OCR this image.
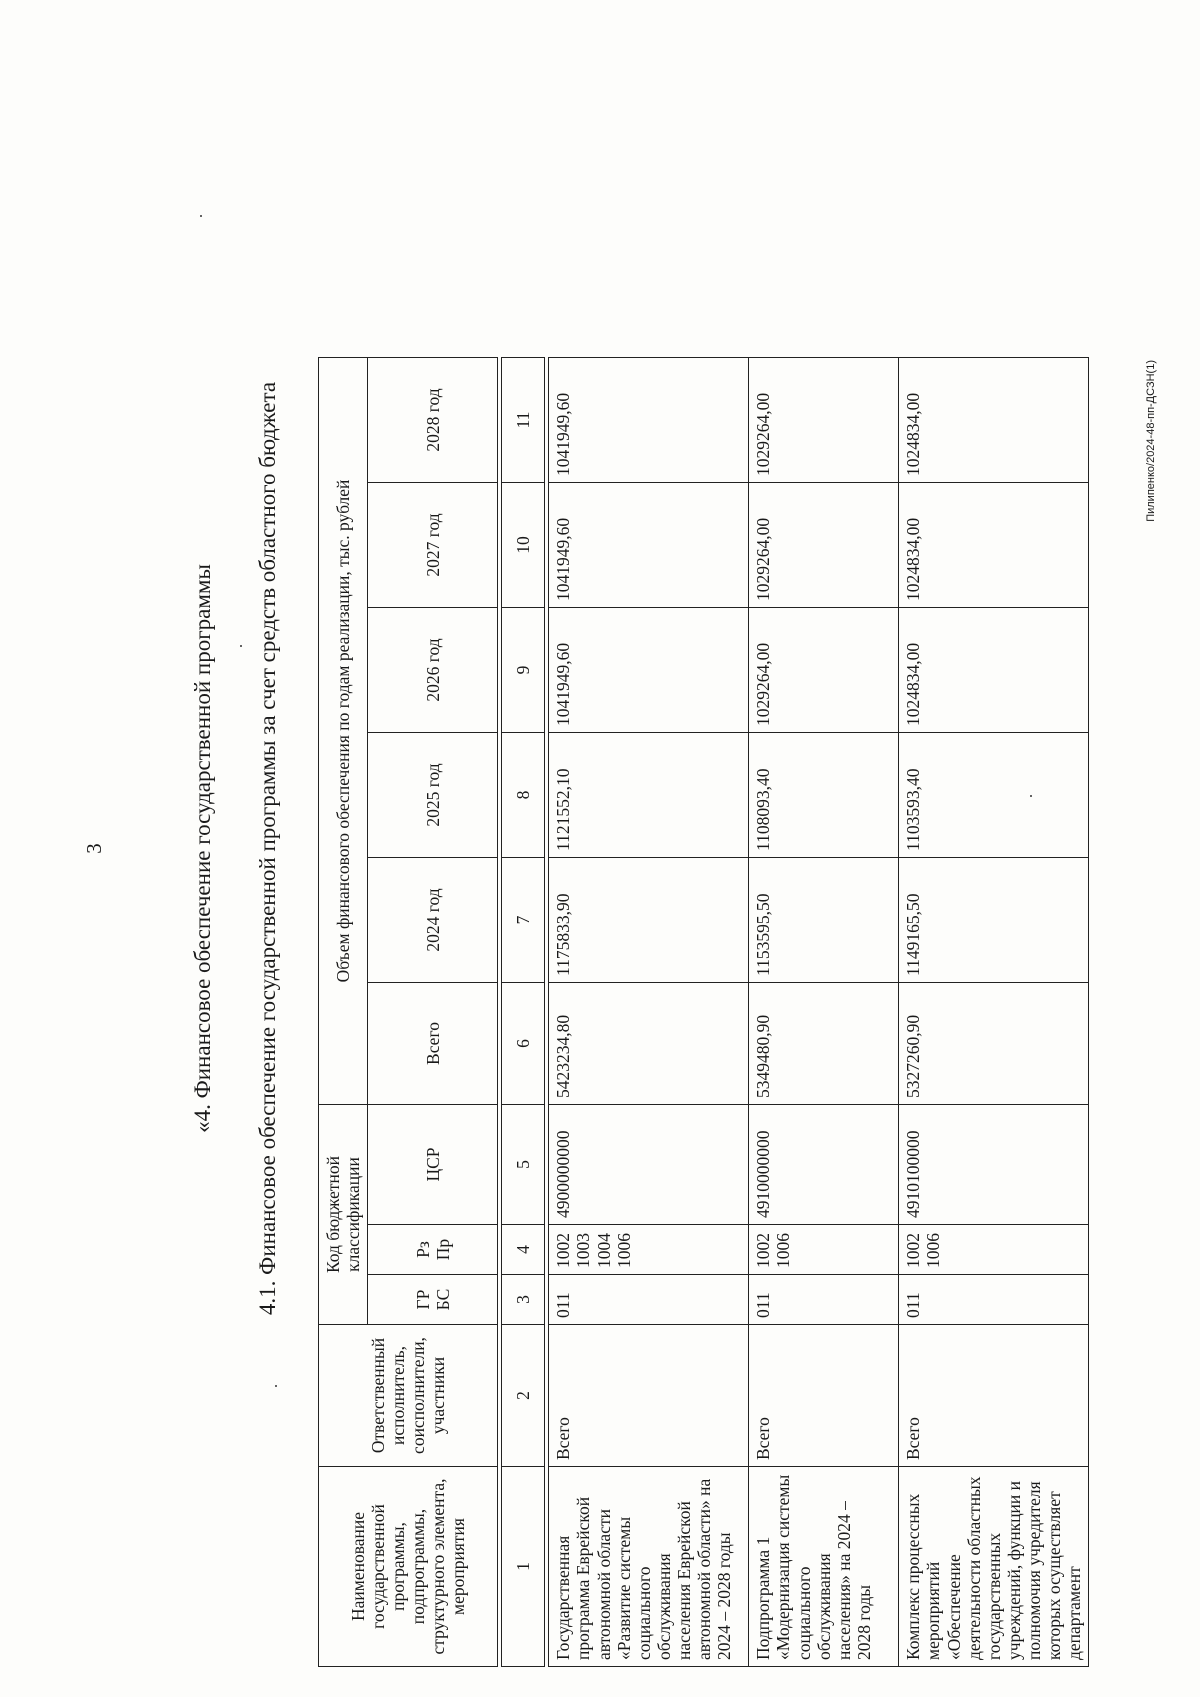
3	«4. Финансовое обеспечение государственной программы 4.1. Финансовое обеспечение государственной программы за счет средств областного бюджета
Наименование государственной программы, подпрограммы, структурного элемента, мероприятия	Ответственный исполнитель, соисполнители, участники	Код бюджетной классификации			Объем финансового обеспечения по годам реализации, тыс. рублей					
		ГР БС	Рз Пр	ЦСР	Всего	2024 год	2025 год	2026 год	2027 год	2028 год

1	2	3	4	5	6	7	8	9	10	11

Государственная программа Еврейской автономной области «Развитие системы социального обслуживания населения Еврейской автономной области» на 2024 – 2028 годы	Всего	011	1002 1003 1004 1006	4900000000	5423234,80	1175833,90	1121552,10	1041949,60	1041949,60	1041949,60
Подпрограмма 1 «Модернизация системы социального обслуживания населения» на 2024 – 2028 годы	Всего	011	1002 1006	4910000000	5349480,90	1153595,50	1108093,40	1029264,00	1029264,00	1029264,00
Комплекс процессных мероприятий «Обеспечение деятельности областных государственных учреждений, функции и полномочия учредителя которых осуществляет департамент	Всего	011	1002 1006	4910100000	5327260,90	1149165,50	1103593,40	1024834,00	1024834,00	1024834,00	Пилипенко/2024-48-пп-ДСЗН(1)
